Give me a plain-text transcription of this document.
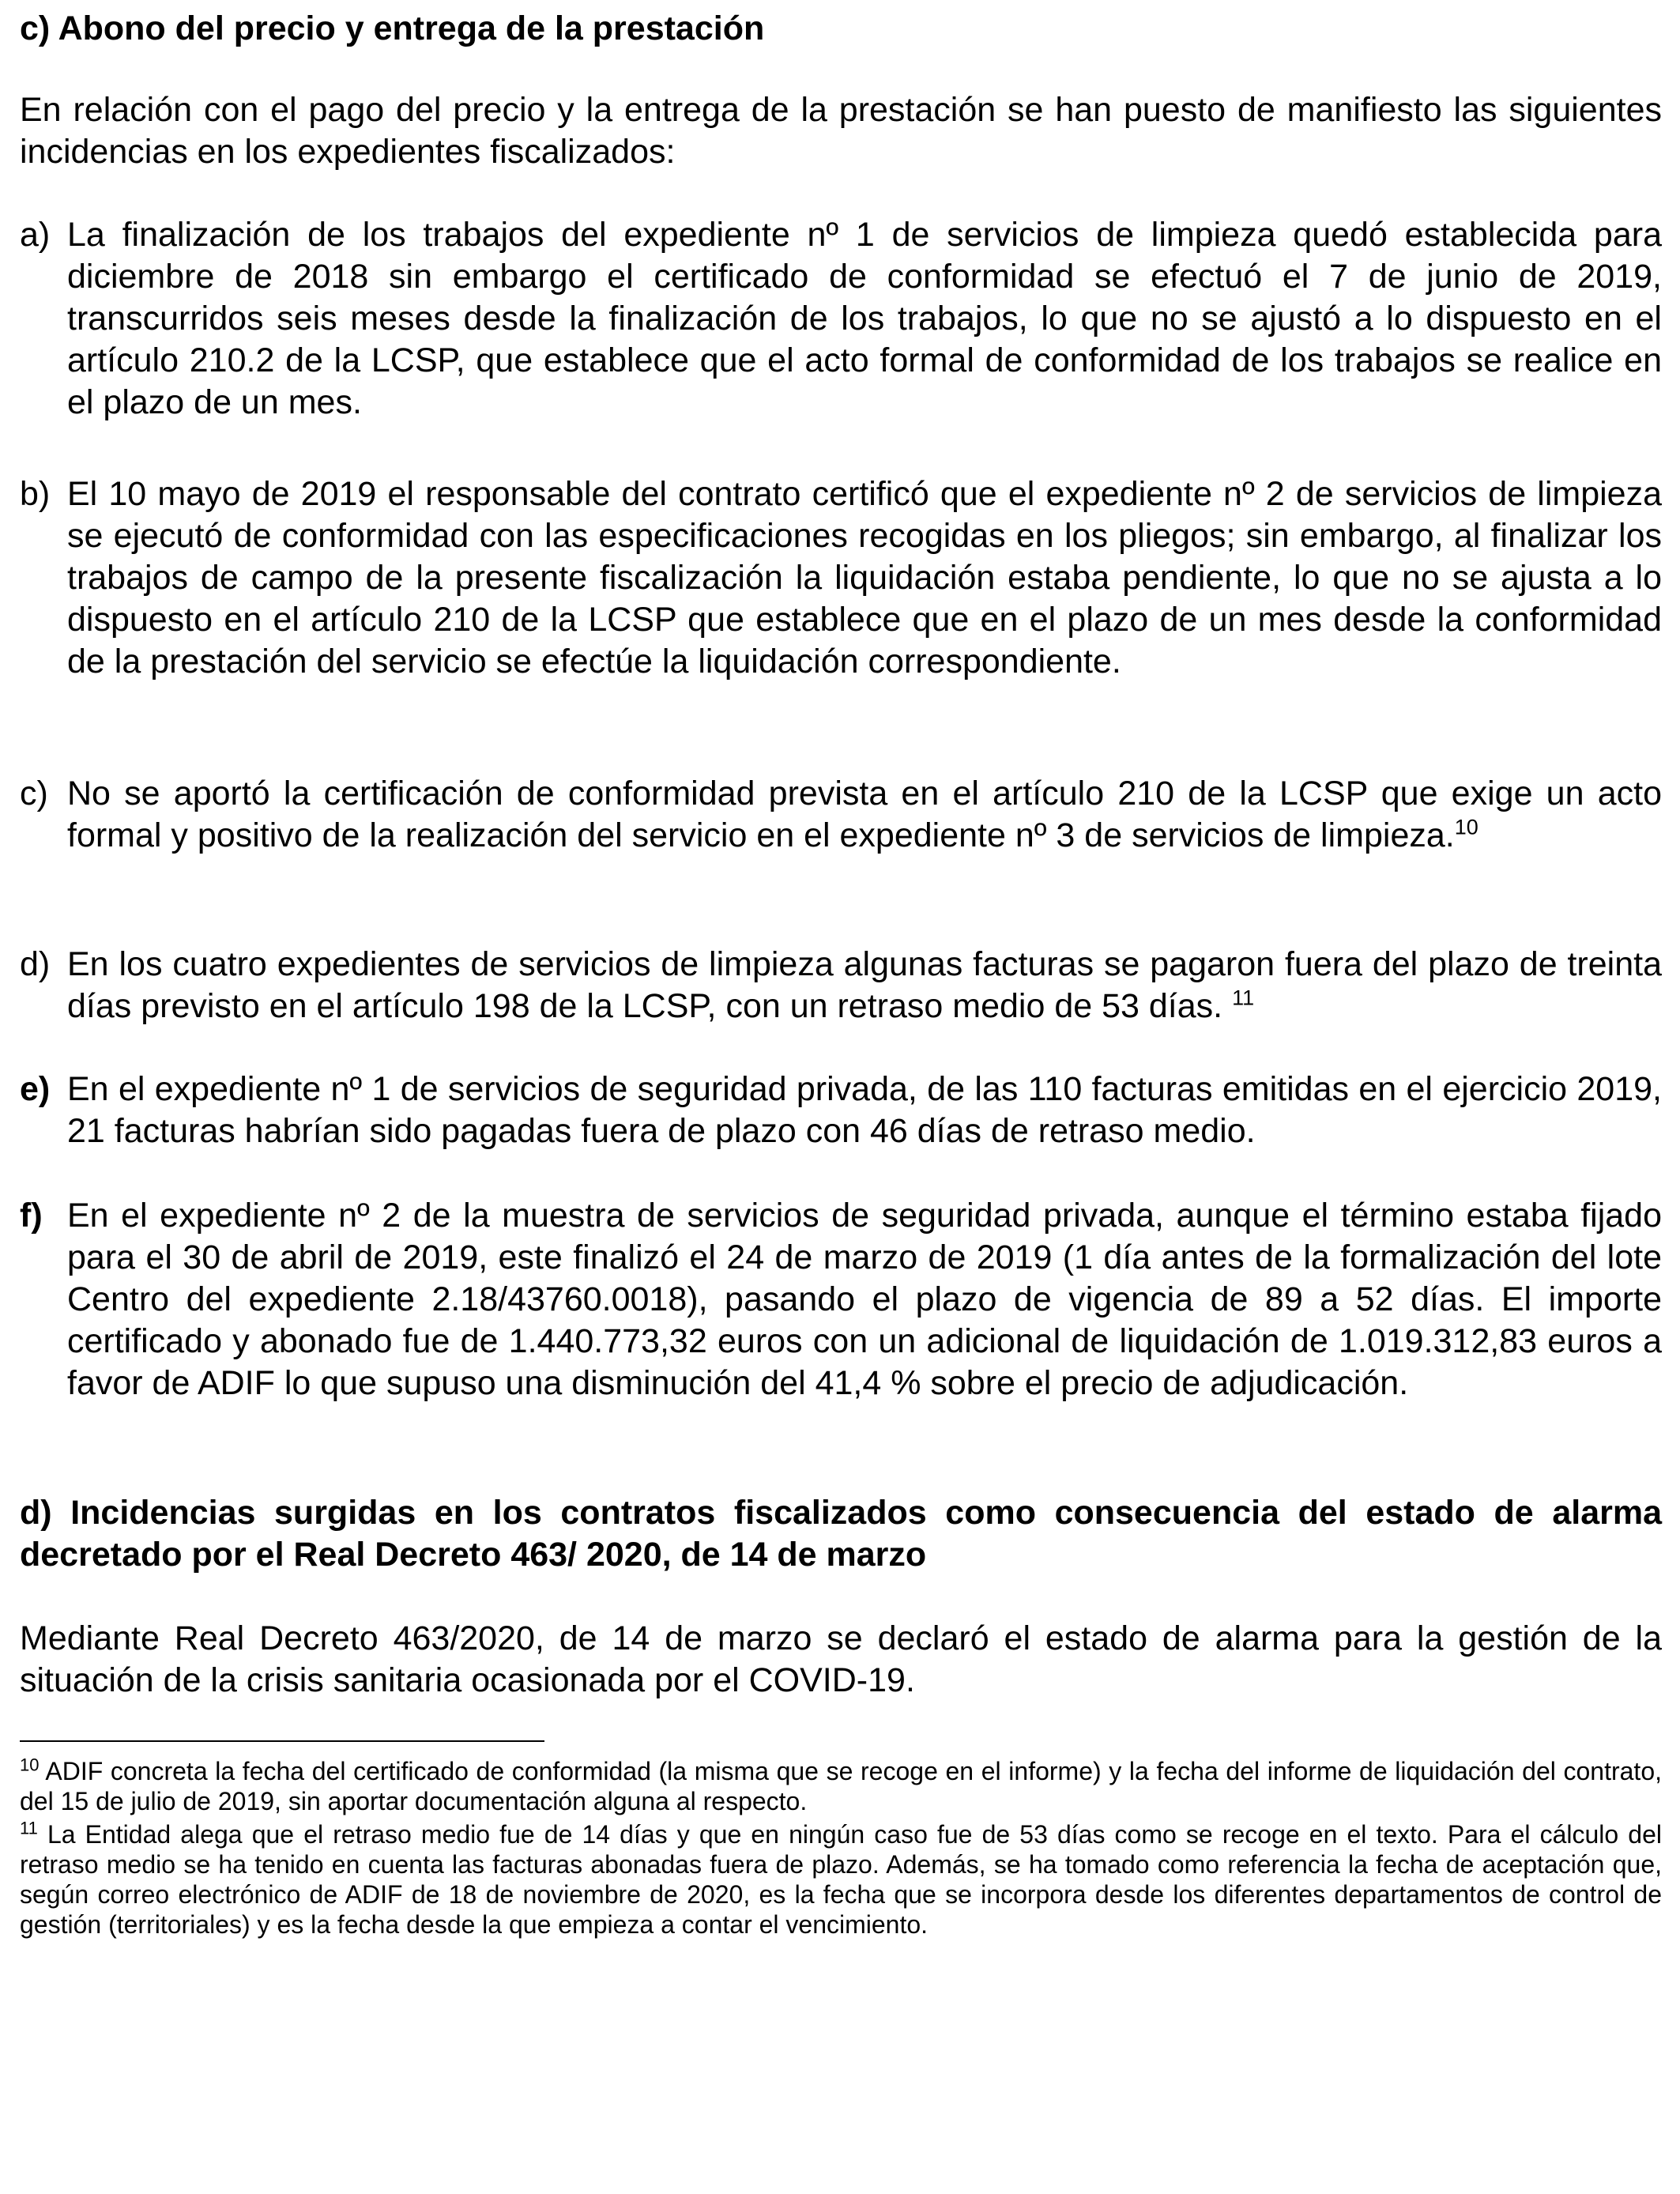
c) Abono del precio y entrega de la prestación

En relación con el pago del precio y la entrega de la prestación se han puesto de manifiesto las siguientes incidencias en los expedientes fiscalizados:

a) La finalización de los trabajos del expediente nº 1 de servicios de limpieza quedó establecida para diciembre de 2018 sin embargo el certificado de conformidad se efectuó el 7 de junio de 2019, transcurridos seis meses desde la finalización de los trabajos, lo que no se ajustó a lo dispuesto en el artículo 210.2 de la LCSP, que establece que el acto formal de conformidad de los trabajos se realice en el plazo de un mes.
b) El 10 mayo de 2019 el responsable del contrato certificó que el expediente nº 2 de servicios de limpieza se ejecutó de conformidad con las especificaciones recogidas en los pliegos; sin embargo, al finalizar los trabajos de campo de la presente fiscalización la liquidación estaba pendiente, lo que no se ajusta a lo dispuesto en el artículo 210 de la LCSP que establece que en el plazo de un mes desde la conformidad de la prestación del servicio se efectúe la liquidación correspondiente.
c) No se aportó la certificación de conformidad prevista en el artículo 210 de la LCSP que exige un acto formal y positivo de la realización del servicio en el expediente nº 3 de servicios de limpieza.$^{10}$
d) En los cuatro expedientes de servicios de limpieza algunas facturas se pagaron fuera del plazo de treinta días previsto en el artículo 198 de la LCSP, con un retraso medio de 53 días. $^{11}$
e) En el expediente nº 1 de servicios de seguridad privada, de las 110 facturas emitidas en el ejercicio 2019, 21 facturas habrían sido pagadas fuera de plazo con 46 días de retraso medio.
f) En el expediente nº 2 de la muestra de servicios de seguridad privada, aunque el término estaba fijado para el 30 de abril de 2019, este finalizó el 24 de marzo de 2019 (1 día antes de la formalización del lote Centro del expediente 2.18/43760.0018), pasando el plazo de vigencia de 89 a 52 días. El importe certificado y abonado fue de 1.440.773,32 euros con un adicional de liquidación de 1.019.312,83 euros a favor de ADIF lo que supuso una disminución del 41,4 % sobre el precio de adjudicación.
d) Incidencias surgidas en los contratos fiscalizados como consecuencia del estado de alarma decretado por el Real Decreto 463/ 2020, de 14 de marzo

Mediante Real Decreto 463/2020, de 14 de marzo se declaró el estado de alarma para la gestión de la situación de la crisis sanitaria ocasionada por el COVID-19.

$^{10}$ ADIF concreta la fecha del certificado de conformidad (la misma que se recoge en el informe) y la fecha del informe de liquidación del contrato, del 15 de julio de 2019, sin aportar documentación alguna al respecto.

$^{11}$ La Entidad alega que el retraso medio fue de 14 días y que en ningún caso fue de 53 días como se recoge en el texto. Para el cálculo del retraso medio se ha tenido en cuenta las facturas abonadas fuera de plazo. Además, se ha tomado como referencia la fecha de aceptación que, según correo electrónico de ADIF de 18 de noviembre de 2020, es la fecha que se incorpora desde los diferentes departamentos de control de gestión (territoriales) y es la fecha desde la que empieza a contar el vencimiento.
